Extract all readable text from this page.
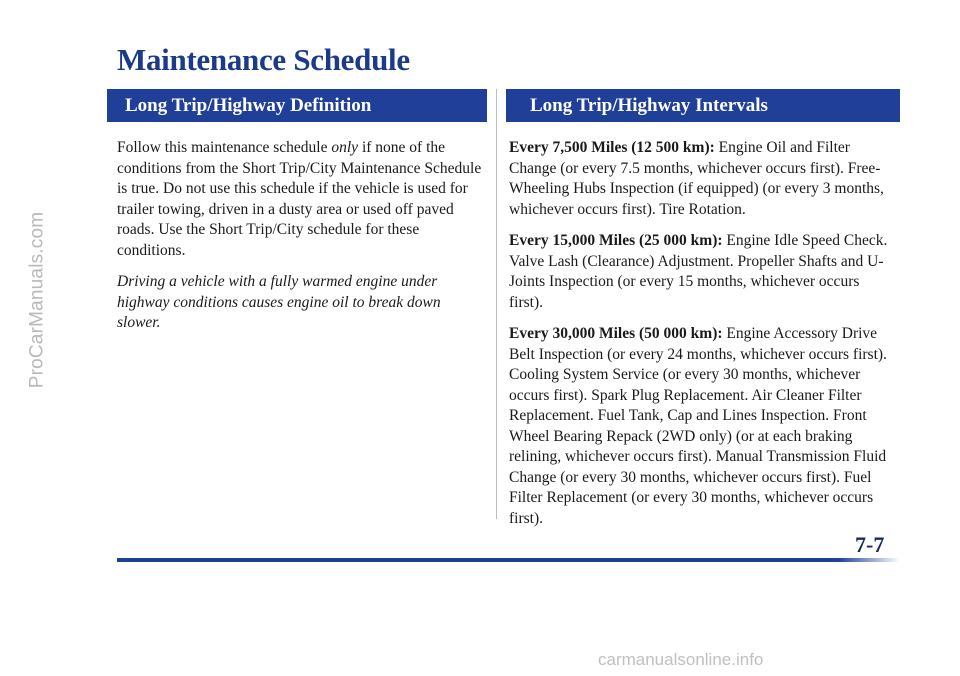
ProCarManuals.com
Maintenance Schedule
Long Trip/Highway Definition	Long Trip/Highway Intervals

Follow this maintenance schedule only if none of the conditions from the Short Trip/City Maintenance Schedule is true. Do not use this schedule if the vehicle is used for trailer towing, driven in a dusty area or used off paved roads. Use the Short Trip/City schedule for these conditions.

Driving a vehicle with a fully warmed engine under highway conditions causes engine oil to break down slower.

Every 7,500 Miles (12 500 km): Engine Oil and Filter Change (or every 7.5 months, whichever occurs first). Free-Wheeling Hubs Inspection (if equipped) (or every 3 months, whichever occurs first). Tire Rotation.

Every 15,000 Miles (25 000 km): Engine Idle Speed Check. Valve Lash (Clearance) Adjustment. Propeller Shafts and U-Joints Inspection (or every 15 months, whichever occurs first).

Every 30,000 Miles (50 000 km): Engine Accessory Drive Belt Inspection (or every 24 months, whichever occurs first). Cooling System Service (or every 30 months, whichever occurs first). Spark Plug Replacement. Air Cleaner Filter Replacement. Fuel Tank, Cap and Lines Inspection. Front Wheel Bearing Repack (2WD only) (or at each braking relining, whichever occurs first). Manual Transmission Fluid Change (or every 30 months, whichever occurs first). Fuel Filter Replacement (or every 30 months, whichever occurs first).

7-7
carmanualsonline.info
